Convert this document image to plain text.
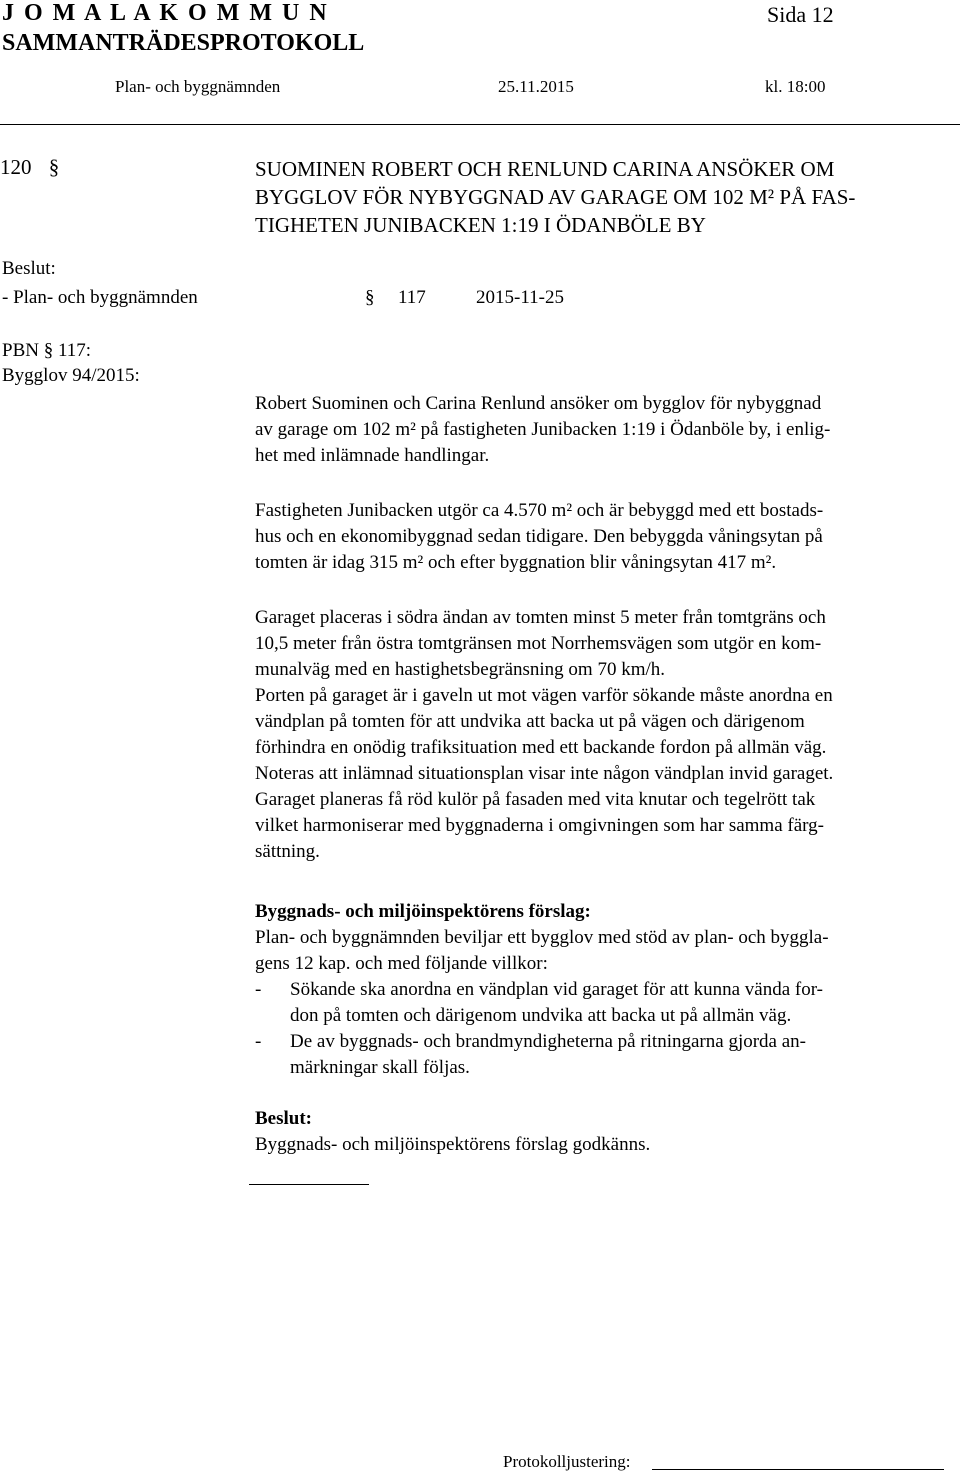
J O M A L A K O M M U N
SAMMANTRÄDESPROTOKOLL
Sida 12
Plan- och byggnämnden	25.11.2015	kl. 18:00
120 §	SUOMINEN ROBERT OCH RENLUND CARINA ANSÖKER OM
BYGGLOV FÖR NYBYGGNAD AV GARAGE OM 102 M² PÅ FAS-
TIGHETEN JUNIBACKEN 1:19 I ÖDANBÖLE BY
Beslut:
- Plan- och byggnämnden	§ 117	2015-11-25
PBN § 117:
Bygglov 94/2015:
Robert Suominen och Carina Renlund ansöker om bygglov för nybyggnad
av garage om 102 m² på fastigheten Junibacken 1:19 i Ödanböle by, i enlig-
het med inlämnade handlingar.
Fastigheten Junibacken utgör ca 4.570 m² och är bebyggd med ett bostads-
hus och en ekonomibyggnad sedan tidigare. Den bebyggda våningsytan på
tomten är idag 315 m² och efter byggnation blir våningsytan 417 m².
Garaget placeras i södra ändan av tomten minst 5 meter från tomtgräns och
10,5 meter från östra tomtgränsen mot Norrhemsvägen som utgör en kom-
munalväg med en hastighetsbegränsning om 70 km/h.
Porten på garaget är i gaveln ut mot vägen varför sökande måste anordna en
vändplan på tomten för att undvika att backa ut på vägen och därigenom
förhindra en onödig trafiksituation med ett backande fordon på allmän väg.
Noteras att inlämnad situationsplan visar inte någon vändplan invid garaget.
Garaget planeras få röd kulör på fasaden med vita knutar och tegelrött tak
vilket harmoniserar med byggnaderna i omgivningen som har samma färg-
sättning.
Byggnads- och miljöinspektörens förslag:
Plan- och byggnämnden beviljar ett bygglov med stöd av plan- och byggla-
gens 12 kap. och med följande villkor:
- Sökande ska anordna en vändplan vid garaget för att kunna vända for-
don på tomten och därigenom undvika att backa ut på allmän väg.
- De av byggnads- och brandmyndigheterna på ritningarna gjorda an-
märkningar skall följas.
Beslut:
Byggnads- och miljöinspektörens förslag godkänns.
Protokolljustering:
